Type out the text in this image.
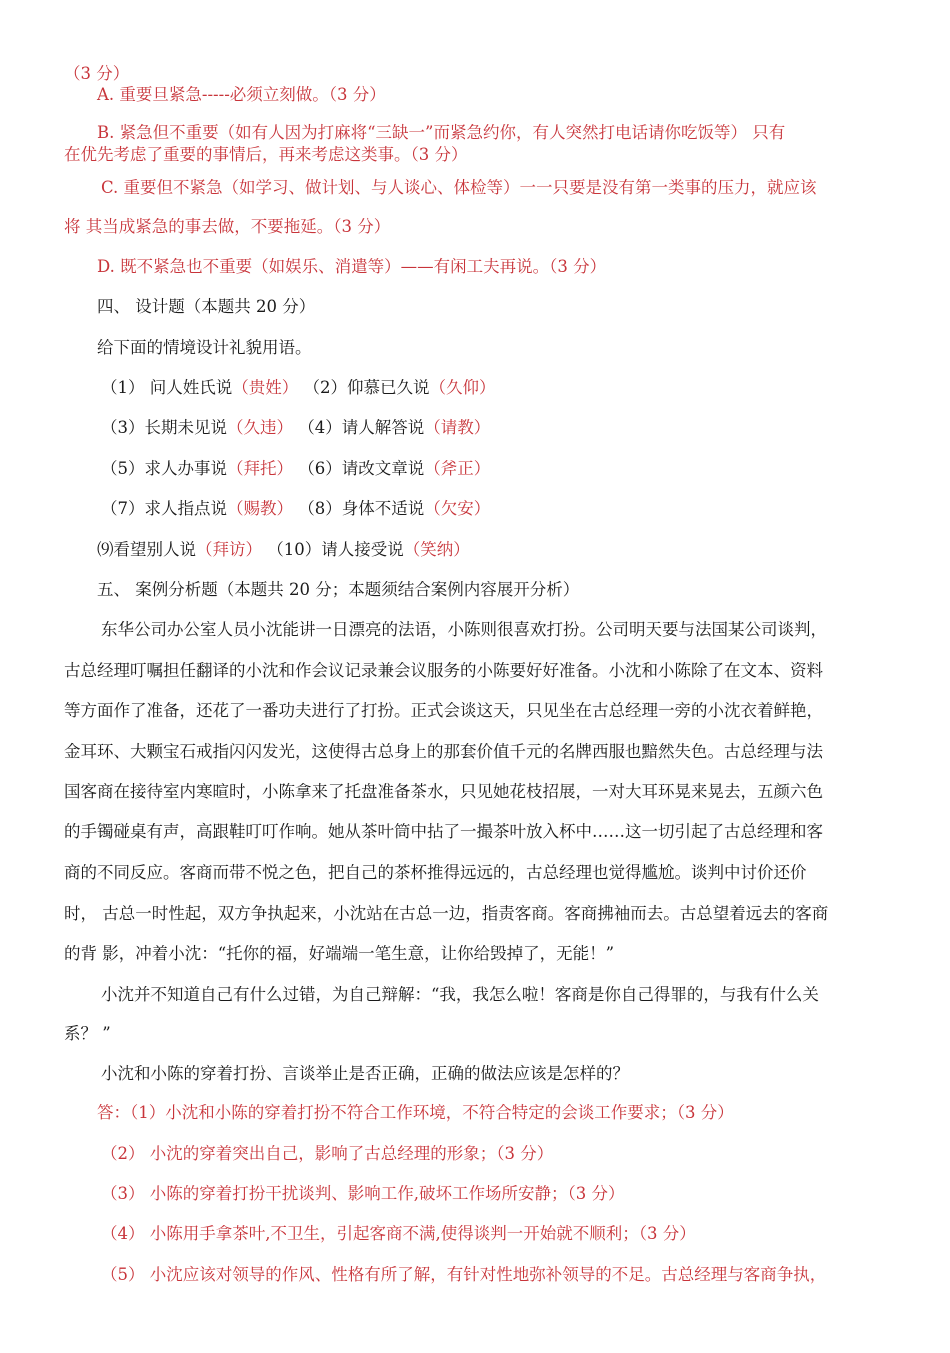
（3 分）
A. 重要旦紧急-----必须立刻做。（3 分）
B. 紧急但不重要（如有人因为打麻将“三缺一”而紧急约你，有人突然打电话请你吃饭等） 只有
在优先考虑了重要的事情后，再来考虑这类事。（3 分）
C. 重要但不紧急（如学习、做计划、与人谈心、体检等）一一只要是没有第一类事的压力，就应该
将 其当成紧急的事去做，不要拖延。（3 分）
D. 既不紧急也不重要（如娱乐、消遣等）——有闲工夫再说。（3 分）
四、 设计题（本题共 20 分）
给下面的情境设计礼貌用语。
（1） 问人姓氏说（贵姓） （2）仰慕已久说（久仰）
（3）长期未见说（久违） （4）请人解答说（请教）
（5）求人办事说（拜托） （6）请改文章说（斧正）
（7）求人指点说（赐教） （8）身体不适说（欠安）
⑼看望别人说（拜访） （10）请人接受说（笑纳）
五、 案例分析题（本题共 20 分；本题须结合案例内容展开分析）
东华公司办公室人员小沈能讲一日漂亮的法语，小陈则很喜欢打扮。公司明天要与法国某公司谈判，
古总经理叮嘱担任翻译的小沈和作会议记录兼会议服务的小陈要好好准备。小沈和小陈除了在文本、资料
等方面作了准备，还花了一番功夫进行了打扮。正式会谈这天，只见坐在古总经理一旁的小沈衣着鲜艳，
金耳环、大颗宝石戒指闪闪发光，这使得古总身上的那套价值千元的名牌西服也黯然失色。古总经理与法
国客商在接待室内寒暄时，小陈拿来了托盘准备茶水，只见她花枝招展，一对大耳环晃来晃去，五颜六色
的手镯碰桌有声，高跟鞋叮叮作响。她从茶叶筒中拈了一撮茶叶放入杯中……这一切引起了古总经理和客
商的不同反应。客商而带不悦之色，把自己的茶杯推得远远的，古总经理也觉得尴尬。谈判中讨价还价
时， 古总一时性起，双方争执起来，小沈站在古总一边，指责客商。客商拂袖而去。古总望着远去的客商
的背 影，冲着小沈：“托你的福，好端端一笔生意，让你给毁掉了，无能！”
小沈并不知道自己有什么过错，为自己辩解：“我，我怎么啦！客商是你自己得罪的，与我有什么关
系？ ”
小沈和小陈的穿着打扮、言谈举止是否正确，正确的做法应该是怎样的？
答：（1）小沈和小陈的穿着打扮不符合工作环境，不符合特定的会谈工作要求；（3 分）
（2） 小沈的穿着突出自己，影响了古总经理的形象；（3 分）
（3） 小陈的穿着打扮干扰谈判、影响工作,破坏工作场所安静；（3 分）
（4） 小陈用手拿茶叶,不卫生，引起客商不满,使得谈判一开始就不顺利；（3 分）
（5） 小沈应该对领导的作风、性格有所了解，有针对性地弥补领导的不足。古总经理与客商争执，
